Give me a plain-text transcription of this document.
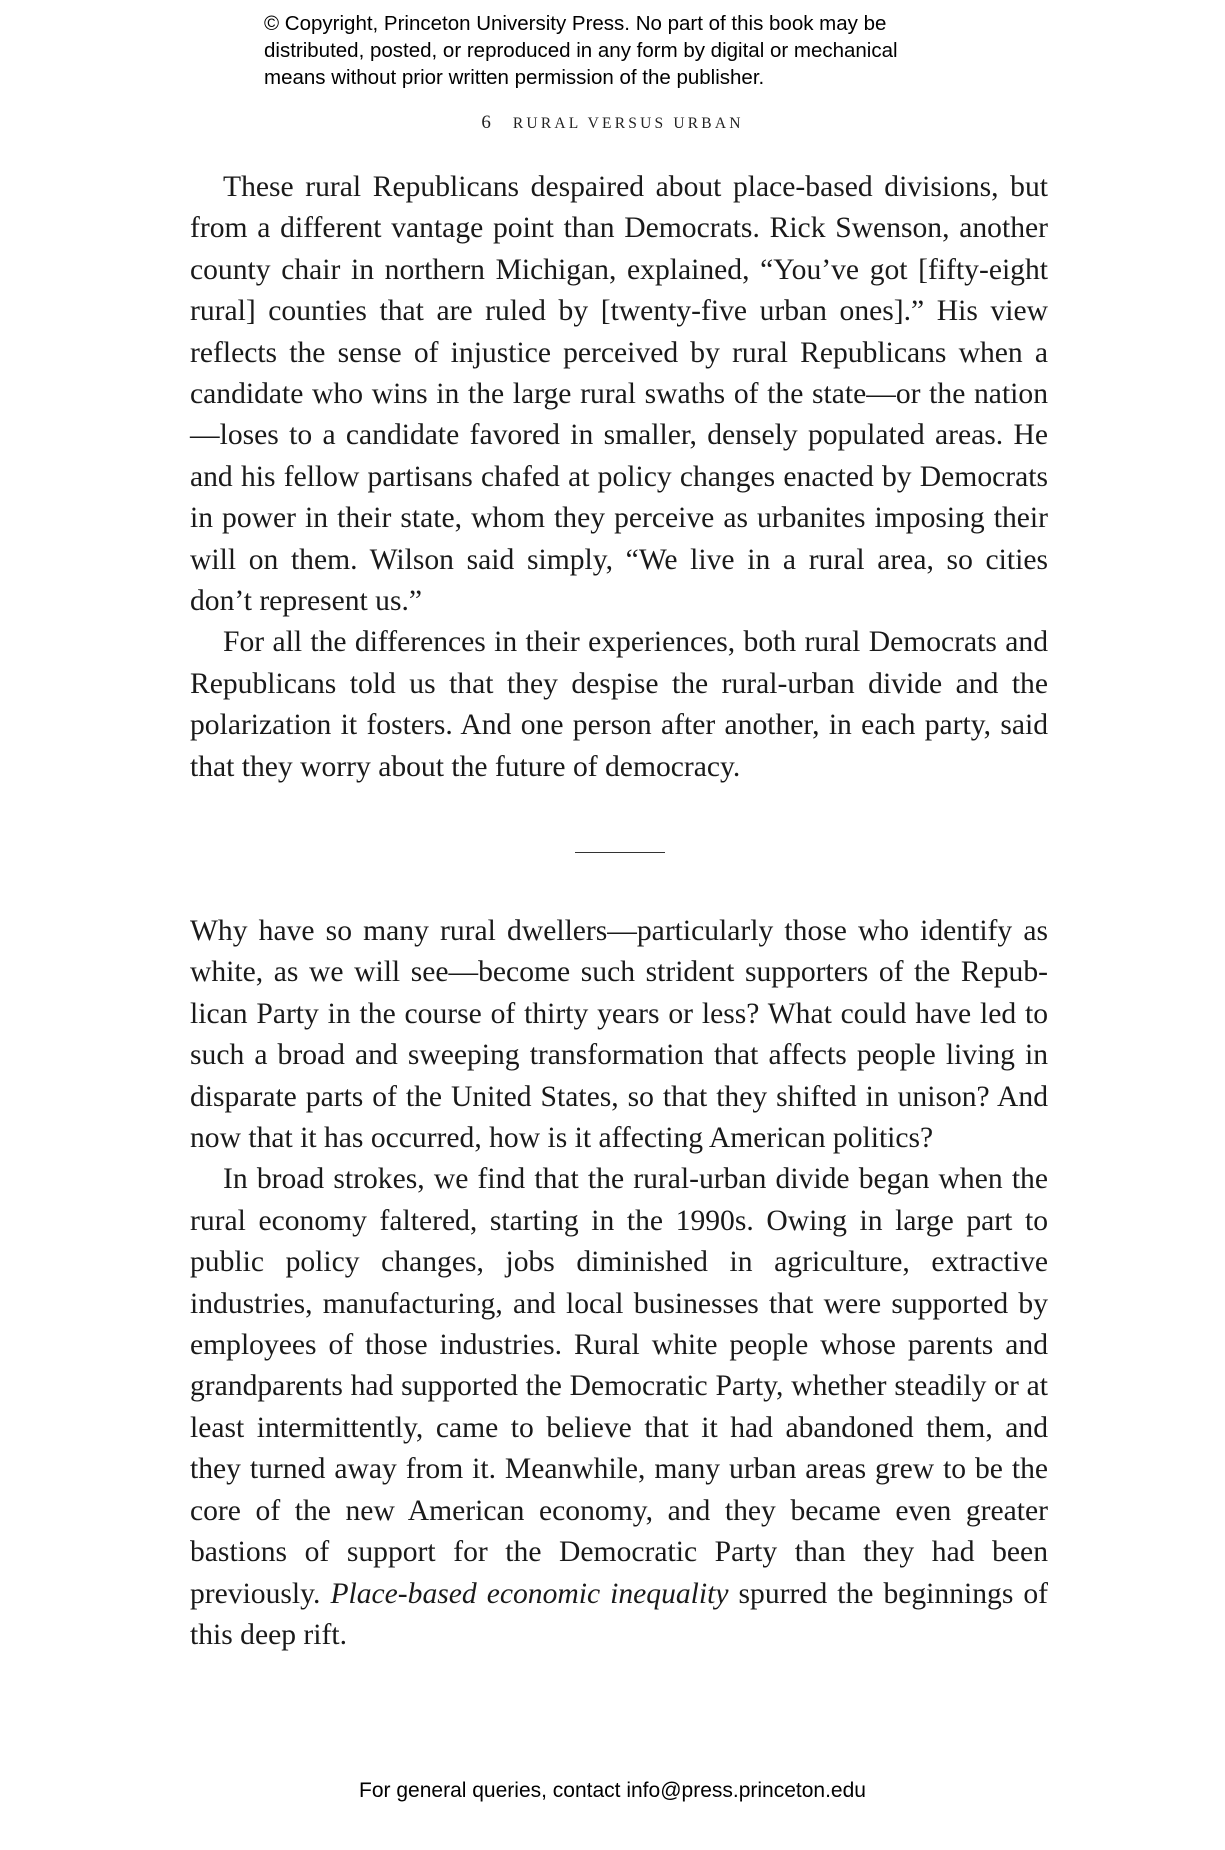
© Copyright, Princeton University Press. No part of this book may be
distributed, posted, or reproduced in any form by digital or mechanical
means without prior written permission of the publisher.
6 RURAL VERSUS URBAN

These rural Republicans despaired about place-based divisions, but from a different vantage point than Democrats. Rick Swenson, another county chair in northern Michigan, explained, “You’ve got [fifty-eight rural] counties that are ruled by [twenty-five urban ones].” His view reflects the sense of injustice perceived by rural Republicans when a candidate who wins in the large rural swaths of the state—or the nation—loses to a candidate favored in smaller, densely populated areas. He and his fellow partisans chafed at policy changes enacted by Democrats in power in their state, whom they perceive as urbanites imposing their will on them. Wilson said simply, “We live in a rural area, so cities don’t represent us.”

For all the differences in their experiences, both rural Democrats and Republicans told us that they despise the rural-urban divide and the polarization it fosters. And one person after another, in each party, said that they worry about the future of democracy.

Why have so many rural dwellers—particularly those who identify as white, as we will see—become such strident supporters of the Republican Party in the course of thirty years or less? What could have led to such a broad and sweeping transformation that affects people living in disparate parts of the United States, so that they shifted in unison? And now that it has occurred, how is it affecting American politics?

In broad strokes, we find that the rural-urban divide began when the rural economy faltered, starting in the 1990s. Owing in large part to public policy changes, jobs diminished in agriculture, extractive industries, manufacturing, and local businesses that were supported by employees of those industries. Rural white people whose parents and grandparents had supported the Democratic Party, whether steadily or at least intermittently, came to believe that it had abandoned them, and they turned away from it. Meanwhile, many urban areas grew to be the core of the new American economy, and they became even greater bastions of support for the Democratic Party than they had been previously. Place-based economic inequality spurred the beginnings of this deep rift.

For general queries, contact info@press.princeton.edu
